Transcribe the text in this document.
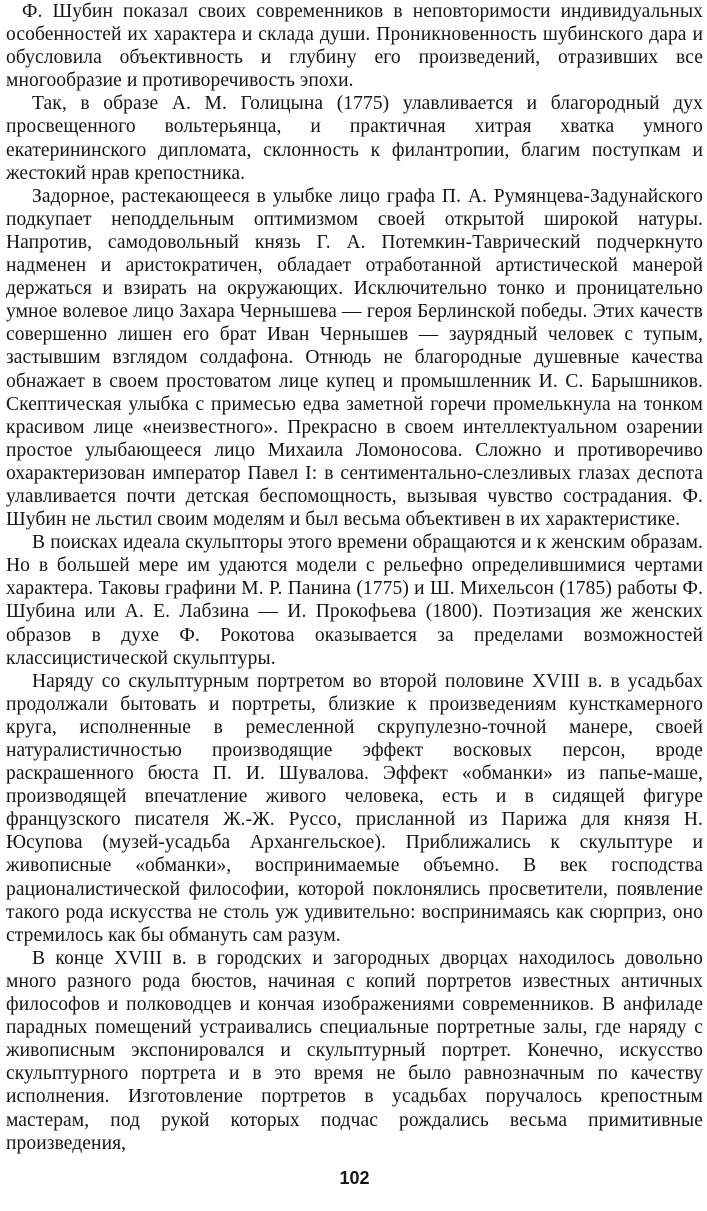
Ф. Шубин показал своих современников в неповторимости индивидуальных особенностей их характера и склада души. Проникновенность шубинского дара и обусловила объективность и глубину его произведений, отразивших все многообразие и противоречивость эпохи.

Так, в образе А. М. Голицына (1775) улавливается и благородный дух просвещенного вольтерьянца, и практичная хитрая хватка умного екатерининского дипломата, склонность к филантропии, благим поступкам и жестокий нрав крепостника.

Задорное, растекающееся в улыбке лицо графа П. А. Румянцева-Задунайского подкупает неподдельным оптимизмом своей открытой широкой натуры. Напротив, самодовольный князь Г. А. Потемкин-Таврический подчеркнуто надменен и аристократичен, обладает отработанной артистической манерой держаться и взирать на окружающих. Исключительно тонко и проницательно умное волевое лицо Захара Чернышева — героя Берлинской победы. Этих качеств совершенно лишен его брат Иван Чернышев — заурядный человек с тупым, застывшим взглядом солдафона. Отнюдь не благородные душевные качества обнажает в своем простоватом лице купец и промышленник И. С. Барышников. Скептическая улыбка с примесью едва заметной горечи промелькнула на тонком красивом лице «неизвестного». Прекрасно в своем интеллектуальном озарении простое улыбающееся лицо Михаила Ломоносова. Сложно и противоречиво охарактеризован император Павел I: в сентиментально-слезливых глазах деспота улавливается почти детская беспомощность, вызывая чувство сострадания. Ф. Шубин не льстил своим моделям и был весьма объективен в их характеристике.

В поисках идеала скульпторы этого времени обращаются и к женским образам. Но в большей мере им удаются модели с рельефно определившимися чертами характера. Таковы графини М. Р. Панина (1775) и Ш. Михельсон (1785) работы Ф. Шубина или А. Е. Лабзина — И. Прокофьева (1800). Поэтизация же женских образов в духе Ф. Рокотова оказывается за пределами возможностей классицистической скульптуры.

Наряду со скульптурным портретом во второй половине XVIII в. в усадьбах продолжали бытовать и портреты, близкие к произведениям кунсткамерного круга, исполненные в ремесленной скрупулезно-точной манере, своей натуралистичностью производящие эффект восковых персон, вроде раскрашенного бюста П. И. Шувалова. Эффект «обманки» из папье-маше, производящей впечатление живого человека, есть и в сидящей фигуре французского писателя Ж.-Ж. Руссо, присланной из Парижа для князя Н. Юсупова (музей-усадьба Архангельское). Приближались к скульптуре и живописные «обманки», воспринимаемые объемно. В век господства рационалистической философии, которой поклонялись просветители, появление такого рода искусства не столь уж удивительно: воспринимаясь как сюрприз, оно стремилось как бы обмануть сам разум.

В конце XVIII в. в городских и загородных дворцах находилось довольно много разного рода бюстов, начиная с копий портретов известных античных философов и полководцев и кончая изображениями современников. В анфиладе парадных помещений устраивались специальные портретные залы, где наряду с живописным экспонировался и скульптурный портрет. Конечно, искусство скульптурного портрета и в это время не было равнозначным по качеству исполнения. Изготовление портретов в усадьбах поручалось крепостным мастерам, под рукой которых подчас рождались весьма примитивные произведения,

102
